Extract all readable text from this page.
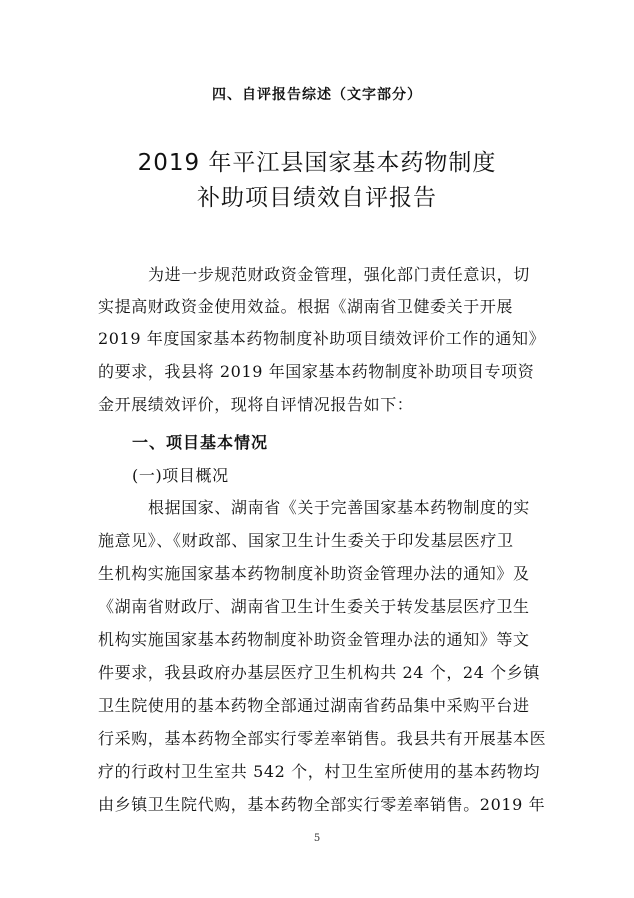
四、自评报告综述（文字部分）
2019 年平江县国家基本药物制度
补助项目绩效自评报告
为进一步规范财政资金管理，强化部门责任意识，切
实提高财政资金使用效益。根据《湖南省卫健委关于开展
2019 年度国家基本药物制度补助项目绩效评价工作的通知》
的要求，我县将 2019 年国家基本药物制度补助项目专项资
金开展绩效评价，现将自评情况报告如下：
一、项目基本情况
(一)项目概况
根据国家、湖南省《关于完善国家基本药物制度的实
施意见》、《财政部、国家卫生计生委关于印发基层医疗卫
生机构实施国家基本药物制度补助资金管理办法的通知》及
《湖南省财政厅、湖南省卫生计生委关于转发基层医疗卫生
机构实施国家基本药物制度补助资金管理办法的通知》等文
件要求，我县政府办基层医疗卫生机构共 24 个，24 个乡镇
卫生院使用的基本药物全部通过湖南省药品集中采购平台进
行采购，基本药物全部实行零差率销售。我县共有开展基本医
疗的行政村卫生室共 542 个，村卫生室所使用的基本药物均
由乡镇卫生院代购，基本药物全部实行零差率销售。2019 年
5
